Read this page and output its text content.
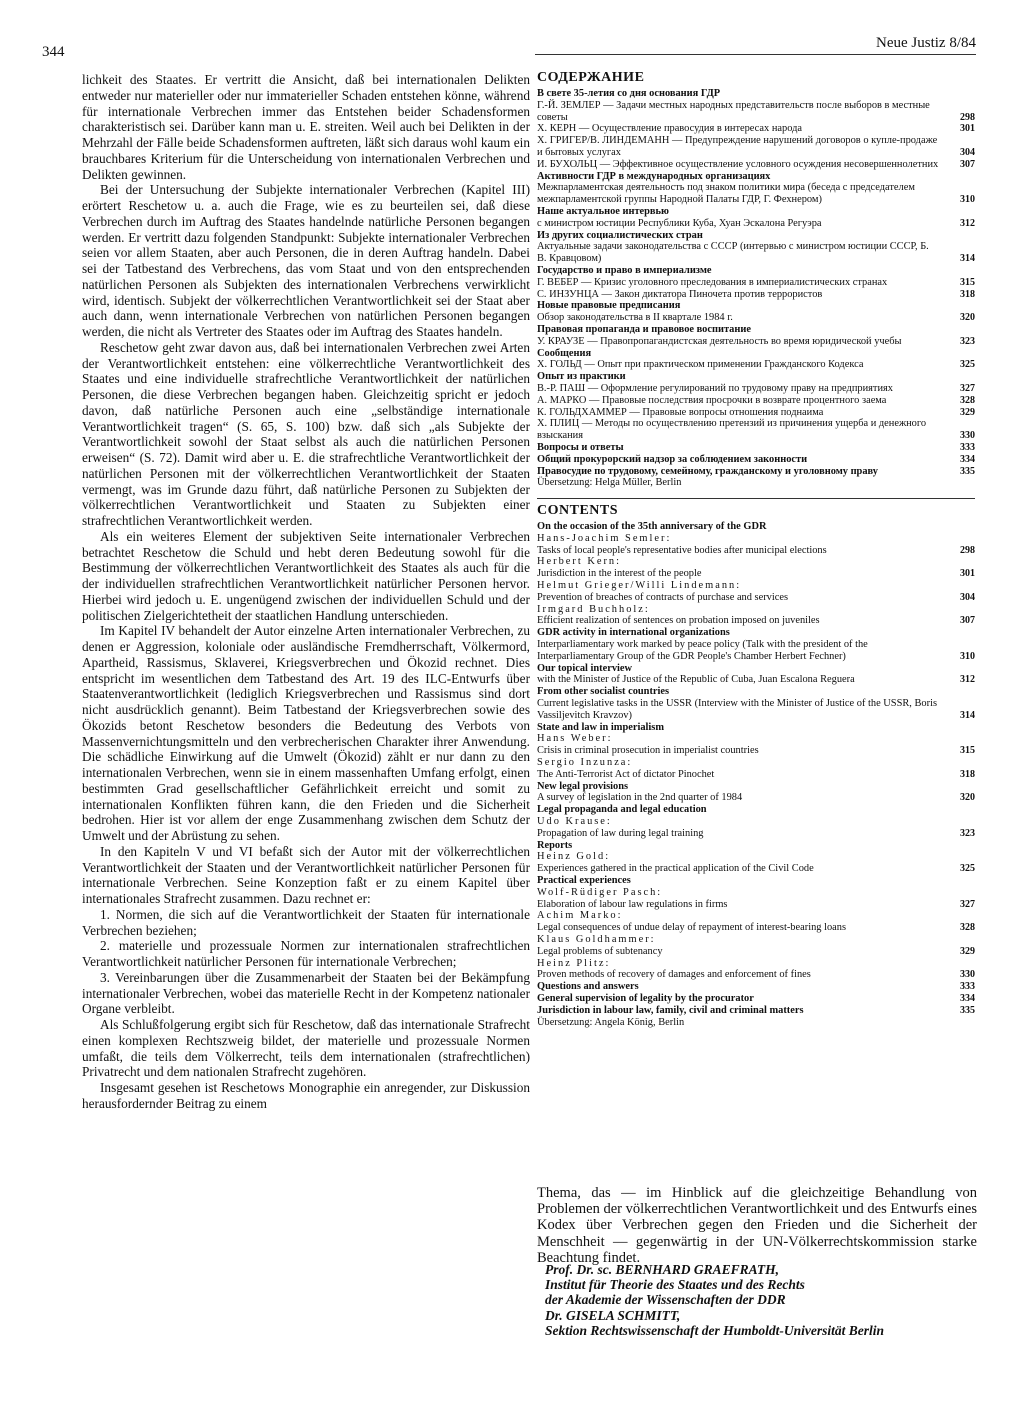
344
Neue Justiz 8/84

lichkeit des Staates. Er vertritt die Ansicht, daß bei internationalen Delikten entweder nur materieller oder nur immaterieller Schaden entstehen könne, während für internationale Verbrechen immer das Entstehen beider Schadensformen charakteristisch sei. Darüber kann man u. E. streiten. Weil auch bei Delikten in der Mehrzahl der Fälle beide Schadensformen auftreten, läßt sich daraus wohl kaum ein brauchbares Kriterium für die Unterscheidung von internationalen Verbrechen und Delikten gewinnen.

Bei der Untersuchung der Subjekte internationaler Verbrechen (Kapitel III) erörtert Reschetow u. a. auch die Frage, wie es zu beurteilen sei, daß diese Verbrechen durch im Auftrag des Staates handelnde natürliche Personen begangen werden. Er vertritt dazu folgenden Standpunkt: Subjekte internationaler Verbrechen seien vor allem Staaten, aber auch Personen, die in deren Auftrag handeln. Dabei sei der Tatbestand des Verbrechens, das vom Staat und von den entsprechenden natürlichen Personen als Subjekten des internationalen Verbrechens verwirklicht wird, identisch. Subjekt der völkerrechtlichen Verantwortlichkeit sei der Staat aber auch dann, wenn internationale Verbrechen von natürlichen Personen begangen werden, die nicht als Vertreter des Staates oder im Auftrag des Staates handeln.

Reschetow geht zwar davon aus, daß bei internationalen Verbrechen zwei Arten der Verantwortlichkeit entstehen: eine völkerrechtliche Verantwortlichkeit des Staates und eine individuelle strafrechtliche Verantwortlichkeit der natürlichen Personen, die diese Verbrechen begangen haben. Gleichzeitig spricht er jedoch davon, daß natürliche Personen auch eine „selbständige internationale Verantwortlichkeit tragen“ (S. 65, S. 100) bzw. daß sich „als Subjekte der Verantwortlichkeit sowohl der Staat selbst als auch die natürlichen Personen erweisen“ (S. 72). Damit wird aber u. E. die strafrechtliche Verantwortlichkeit der natürlichen Personen mit der völkerrechtlichen Verantwortlichkeit der Staaten vermengt, was im Grunde dazu führt, daß natürliche Personen zu Subjekten der völkerrechtlichen Verantwortlichkeit und Staaten zu Subjekten einer strafrechtlichen Verantwortlichkeit werden.

Als ein weiteres Element der subjektiven Seite internationaler Verbrechen betrachtet Reschetow die Schuld und hebt deren Bedeutung sowohl für die Bestimmung der völkerrechtlichen Verantwortlichkeit des Staates als auch für die der individuellen strafrechtlichen Verantwortlichkeit natürlicher Personen hervor. Hierbei wird jedoch u. E. ungenügend zwischen der individuellen Schuld und der politischen Zielgerichtetheit der staatlichen Handlung unterschieden.

Im Kapitel IV behandelt der Autor einzelne Arten internationaler Verbrechen, zu denen er Aggression, koloniale oder ausländische Fremdherrschaft, Völkermord, Apartheid, Rassismus, Sklaverei, Kriegsverbrechen und Ökozid rechnet. Dies entspricht im wesentlichen dem Tatbestand des Art. 19 des ILC-Entwurfs über Staatenverantwortlichkeit (lediglich Kriegsverbrechen und Rassismus sind dort nicht ausdrücklich genannt). Beim Tatbestand der Kriegsverbrechen sowie des Ökozids betont Reschetow besonders die Bedeutung des Verbots von Massenvernichtungsmitteln und den verbrecherischen Charakter ihrer Anwendung. Die schädliche Einwirkung auf die Umwelt (Ökozid) zählt er nur dann zu den internationalen Verbrechen, wenn sie in einem massenhaften Umfang erfolgt, einen bestimmten Grad gesellschaftlicher Gefährlichkeit erreicht und somit zu internationalen Konflikten führen kann, die den Frieden und die Sicherheit bedrohen. Hier ist vor allem der enge Zusammenhang zwischen dem Schutz der Umwelt und der Abrüstung zu sehen.

In den Kapiteln V und VI befaßt sich der Autor mit der völkerrechtlichen Verantwortlichkeit der Staaten und der Verantwortlichkeit natürlicher Personen für internationale Verbrechen. Seine Konzeption faßt er zu einem Kapitel über internationales Strafrecht zusammen. Dazu rechnet er:

1. Normen, die sich auf die Verantwortlichkeit der Staaten für internationale Verbrechen beziehen;

2. materielle und prozessuale Normen zur internationalen strafrechtlichen Verantwortlichkeit natürlicher Personen für internationale Verbrechen;

3. Vereinbarungen über die Zusammenarbeit der Staaten bei der Bekämpfung internationaler Verbrechen, wobei das materielle Recht in der Kompetenz nationaler Organe verbleibt.

Als Schlußfolgerung ergibt sich für Reschetow, daß das internationale Strafrecht einen komplexen Rechtszweig bildet, der materielle und prozessuale Normen umfaßt, die teils dem Völkerrecht, teils dem internationalen (strafrechtlichen) Privatrecht und dem nationalen Strafrecht zugehören.

Insgesamt gesehen ist Reschetows Monographie ein anregender, zur Diskussion herausfordernder Beitrag zu einem

СОДЕРЖАНИЕ
В свете 35-летия со дня основания ГДР
Г.-Й. ЗЕМЛЕР — Задачи местных народных представительств после выборов в местные советы	298
Х. КЕРН — Осуществление правосудия в интересах народа	301
Х. ГРИГЕР/В. ЛИНДЕМАНН — Предупреждение нарушений договоров о купле-продаже и бытовых услугах	304
И. БУХОЛЬЦ — Эффективное осуществление условного осуждения несовершеннолетних 307
Активности ГДР в международных организациях
Межпарламентская деятельность под знаком политики мира (беседа с председателем межпарламентской группы Народной Палаты ГДР, Г. Фехнером)	310
Наше актуальное интервью
с министром юстиции Республики Куба, Хуан Эскалона Регуэра	312
Из других социалистических стран
Актуальные задачи законодательства с СССР (интервью с министром юстиции СССР, Б. В. Кравцовом)	314
Государство и право в империализме
Г. ВЕБЕР — Кризис уголовного преследования в империалистических странах	315
С. ИНЗУНЦА — Закон диктатора Пиночета против террористов	318
Новые правовые предписания
Обзор законодательства в II квартале 1984 г.	320
Правовая пропаганда и правовое воспитание
У. КРАУЗЕ — Правопропагандистская деятельность во время юридической учебы	323
Сообщения
Х. ГОЛЬД — Опыт при практическом применении Гражданского Кодекса	325
Опыт из практики
В.-Р. ПАШ — Оформление регулирований по трудовому праву на предприятиях	327
А. МАРКО — Правовые последствия просрочки в возврате процентного заема	328
К. ГОЛЬДХАММЕР — Правовые вопросы отношения поднаима	329
Х. ПЛИЦ — Методы по осуществлению претензий из причинения ущерба и денежного взыскания	330
Вопросы и ответы	333
Общий прокурорский надзор за соблюдением законности	334
Правосудие по трудовому, семейному, гражданскому и уголовному праву	335
Übersetzung: Helga Müller, Berlin
CONTENTS
On the occasion of the 35th anniversary of the GDR
Hans-Joachim Semler:
Tasks of local people's representative bodies after municipal elections	298
Herbert Kern:
Jurisdiction in the interest of the people	301
Helmut Grieger/Willi Lindemann:
Prevention of breaches of contracts of purchase and services	304
Irmgard Buchholz:
Efficient realization of sentences on probation imposed on juveniles	307
GDR activity in international organizations
Interparliamentary work marked by peace policy (Talk with the president of the Interparliamentary Group of the GDR People's Chamber Herbert Fechner)	310
Our topical interview
with the Minister of Justice of the Republic of Cuba, Juan Escalona Reguera	312
From other socialist countries
Current legislative tasks in the USSR (Interview with the Minister of Justice of the USSR, Boris Vassiljevitch Kravzov)	314
State and law in imperialism
Hans Weber:
Crisis in criminal prosecution in imperialist countries	315
Sergio Inzunza:
The Anti-Terrorist Act of dictator Pinochet	318
New legal provisions
A survey of legislation in the 2nd quarter of 1984	320
Legal propaganda and legal education
Udo Krause:
Propagation of law during legal training	323
Reports
Heinz Gold:
Experiences gathered in the practical application of the Civil Code	325
Practical experiences
Wolf-Rüdiger Pasch:
Elaboration of labour law regulations in firms	327
Achim Marko:
Legal consequences of undue delay of repayment of interest-bearing loans	328
Klaus Goldhammer:
Legal problems of subtenancy	329
Heinz Plitz:
Proven methods of recovery of damages and enforcement of fines	330
Questions and answers	333
General supervision of legality by the procurator	334
Jurisdiction in labour law, family, civil and criminal matters	335
Übersetzung: Angela König, Berlin

Thema, das — im Hinblick auf die gleichzeitige Behandlung von Problemen der völkerrechtlichen Verantwortlichkeit und des Entwurfs eines Kodex über Verbrechen gegen den Frieden und die Sicherheit der Menschheit — gegenwärtig in der UN-Völkerrechtskommission starke Beachtung findet.

Prof. Dr. sc. BERNHARD GRAEFRATH,
Institut für Theorie des Staates und des Rechts
der Akademie der Wissenschaften der DDR
Dr. GISELA SCHMITT,
Sektion Rechtswissenschaft der Humboldt-Universität Berlin
